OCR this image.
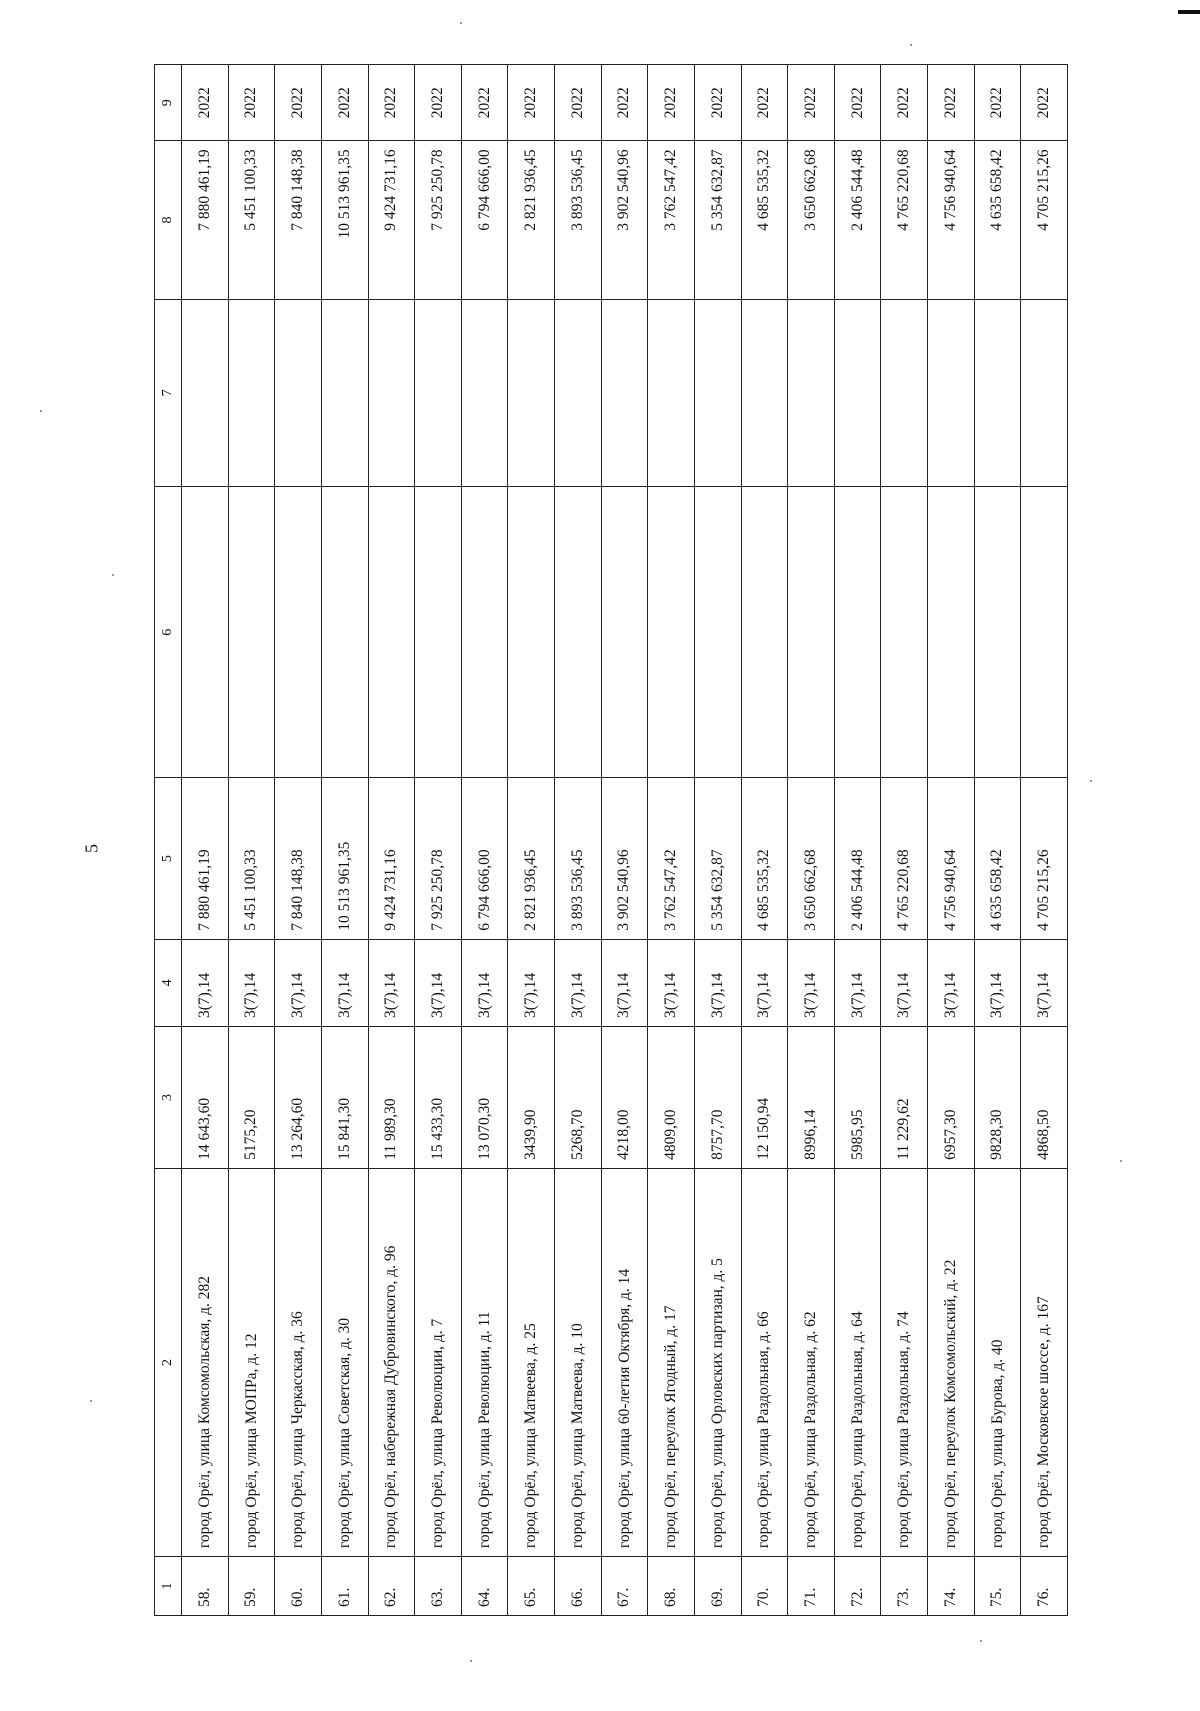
5
1	2	3	4	5	6	7	8	9
58.	город Орёл, улица Комсомольская, д. 282	14 643,60	3(7),14	7 880 461,19			7 880 461,19	2022
59.	город Орёл, улица МОПРа, д. 12	5175,20	3(7),14	5 451 100,33			5 451 100,33	2022
60.	город Орёл, улица Черкасская, д. 36	13 264,60	3(7),14	7 840 148,38			7 840 148,38	2022
61.	город Орёл, улица Советская, д. 30	15 841,30	3(7),14	10 513 961,35			10 513 961,35	2022
62.	город Орёл, набережная Дубровинского, д. 96	11 989,30	3(7),14	9 424 731,16			9 424 731,16	2022
63.	город Орёл, улица Революции, д. 7	15 433,30	3(7),14	7 925 250,78			7 925 250,78	2022
64.	город Орёл, улица Революции, д. 11	13 070,30	3(7),14	6 794 666,00			6 794 666,00	2022
65.	город Орёл, улица Матвеева, д. 25	3439,90	3(7),14	2 821 936,45			2 821 936,45	2022
66.	город Орёл, улица Матвеева, д. 10	5268,70	3(7),14	3 893 536,45			3 893 536,45	2022
67.	город Орёл, улица 60-летия Октября, д. 14	4218,00	3(7),14	3 902 540,96			3 902 540,96	2022
68.	город Орёл, переулок Ягодный, д. 17	4809,00	3(7),14	3 762 547,42			3 762 547,42	2022
69.	город Орёл, улица Орловских партизан, д. 5	8757,70	3(7),14	5 354 632,87			5 354 632,87	2022
70.	город Орёл, улица Раздольная, д. 66	12 150,94	3(7),14	4 685 535,32			4 685 535,32	2022
71.	город Орёл, улица Раздольная, д. 62	8996,14	3(7),14	3 650 662,68			3 650 662,68	2022
72.	город Орёл, улица Раздольная, д. 64	5985,95	3(7),14	2 406 544,48			2 406 544,48	2022
73.	город Орёл, улица Раздольная, д. 74	11 229,62	3(7),14	4 765 220,68			4 765 220,68	2022
74.	город Орёл, переулок Комсомольский, д. 22	6957,30	3(7),14	4 756 940,64			4 756 940,64	2022
75.	город Орёл, улица Бурова, д. 40	9828,30	3(7),14	4 635 658,42			4 635 658,42	2022
76.	город Орёл, Московское шоссе, д. 167	4868,50	3(7),14	4 705 215,26			4 705 215,26	2022
